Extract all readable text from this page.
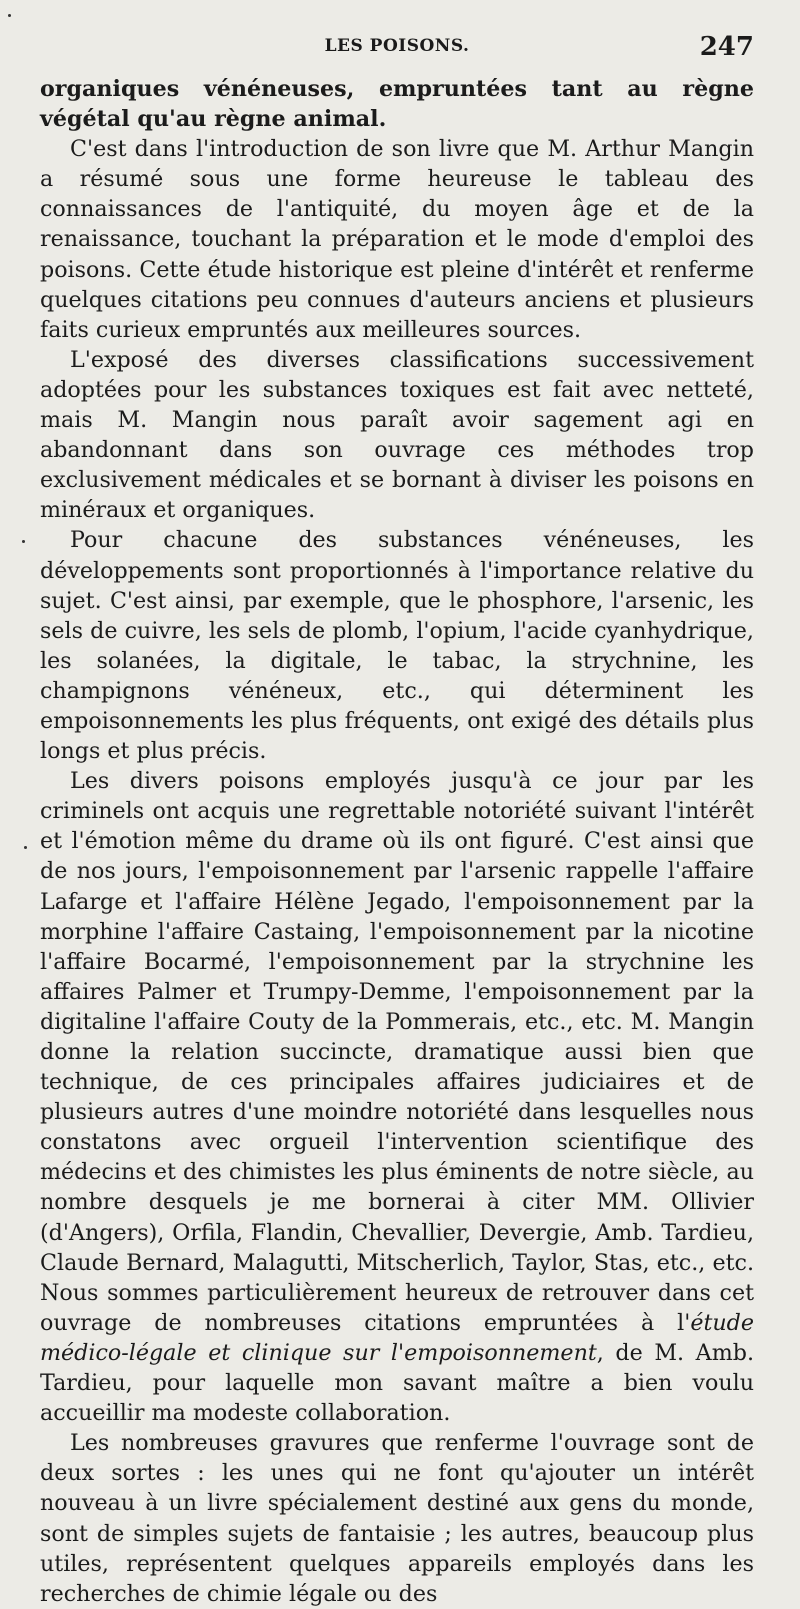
LES POISONS.	247

organiques vénéneuses, empruntées tant au règne végétal qu'au règne animal.

C'est dans l'introduction de son livre que M. Arthur Mangin a résumé sous une forme heureuse le tableau des connaissances de l'antiquité, du moyen âge et de la renaissance, touchant la préparation et le mode d'emploi des poisons. Cette étude historique est pleine d'intérêt et renferme quelques citations peu connues d'auteurs anciens et plusieurs faits curieux empruntés aux meilleures sources.

L'exposé des diverses classifications successivement adoptées pour les substances toxiques est fait avec netteté, mais M. Mangin nous paraît avoir sagement agi en abandonnant dans son ouvrage ces méthodes trop exclusivement médicales et se bornant à diviser les poisons en minéraux et organiques.

Pour chacune des substances vénéneuses, les développements sont proportionnés à l'importance relative du sujet. C'est ainsi, par exemple, que le phosphore, l'arsenic, les sels de cuivre, les sels de plomb, l'opium, l'acide cyanhydrique, les solanées, la digitale, le tabac, la strychnine, les champignons vénéneux, etc., qui déterminent les empoisonnements les plus fréquents, ont exigé des détails plus longs et plus précis.

Les divers poisons employés jusqu'à ce jour par les criminels ont acquis une regrettable notoriété suivant l'intérêt et l'émotion même du drame où ils ont figuré. C'est ainsi que de nos jours, l'empoisonnement par l'arsenic rappelle l'affaire Lafarge et l'affaire Hélène Jegado, l'empoisonnement par la morphine l'affaire Castaing, l'empoisonnement par la nicotine l'affaire Bocarmé, l'empoisonnement par la strychnine les affaires Palmer et Trumpy-Demme, l'empoisonnement par la digitaline l'affaire Couty de la Pommerais, etc., etc. M. Mangin donne la relation succincte, dramatique aussi bien que technique, de ces principales affaires judiciaires et de plusieurs autres d'une moindre notoriété dans lesquelles nous constatons avec orgueil l'intervention scientifique des médecins et des chimistes les plus éminents de notre siècle, au nombre desquels je me bornerai à citer MM. Ollivier (d'Angers), Orfila, Flandin, Chevallier, Devergie, Amb. Tardieu, Claude Bernard, Malagutti, Mitscherlich, Taylor, Stas, etc., etc. Nous sommes particulièrement heureux de retrouver dans cet ouvrage de nombreuses citations empruntées à l'étude médico-légale et clinique sur l'empoisonnement, de M. Amb. Tardieu, pour laquelle mon savant maître a bien voulu accueillir ma modeste collaboration.

Les nombreuses gravures que renferme l'ouvrage sont de deux sortes : les unes qui ne font qu'ajouter un intérêt nouveau à un livre spécialement destiné aux gens du monde, sont de simples sujets de fantaisie ; les autres, beaucoup plus utiles, représentent quelques appareils employés dans les recherches de chimie légale ou des
